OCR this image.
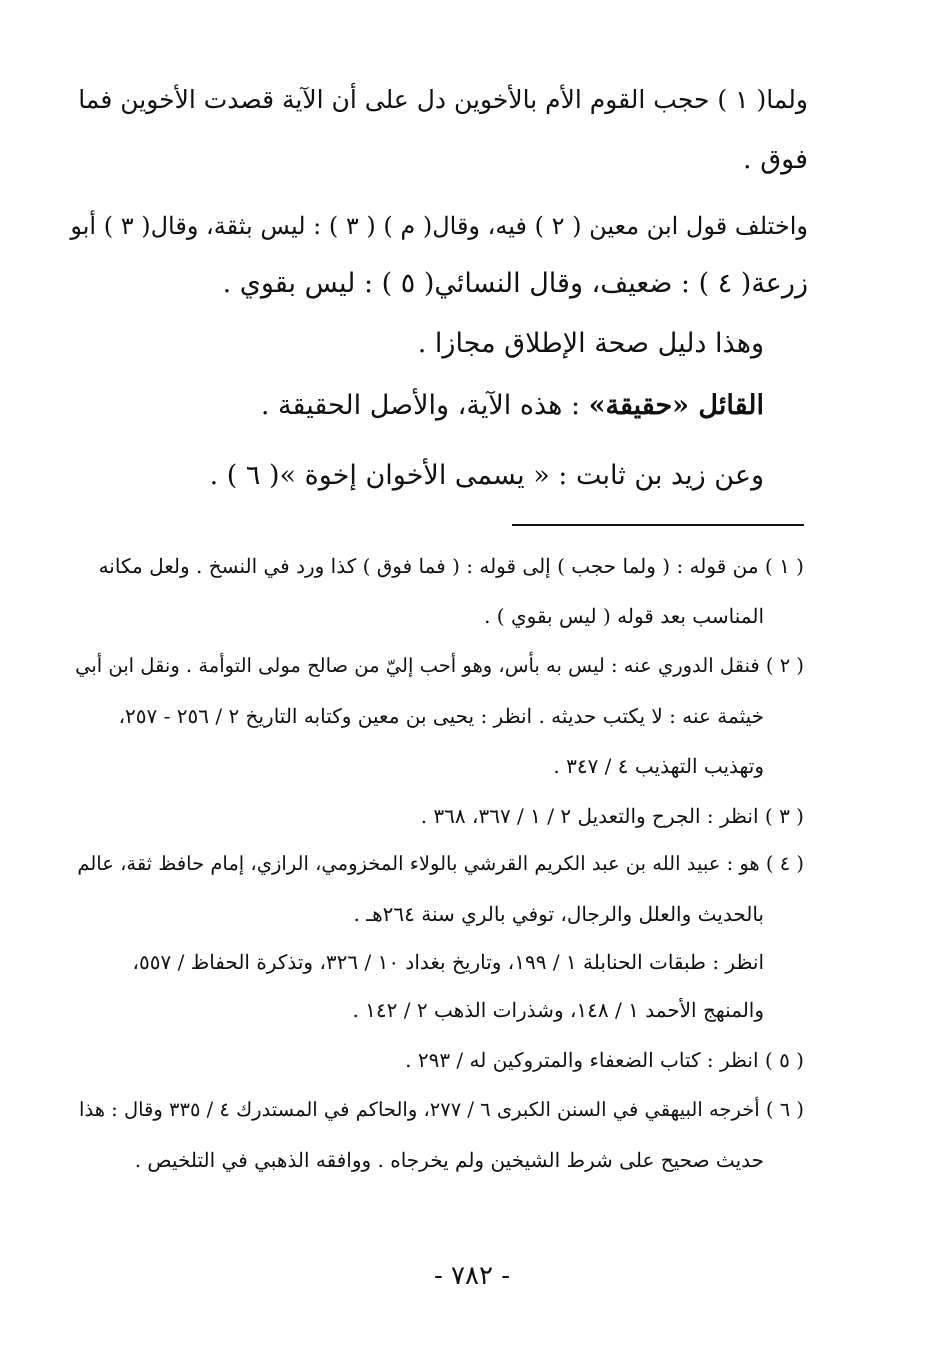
ولما( ١ ) حجب القوم الأم بالأخوين دل على أن الآية قصدت الأخوين فما
فوق .
واختلف قول ابن معين ( ٢ ) فيه، وقال( م ) ( ٣ ) : ليس بثقة، وقال( ٣ ) أبو
زرعة( ٤ ) : ضعيف، وقال النسائي( ٥ ) : ليس بقوي .
وهذا دليل صحة الإطلاق مجازا .
القائل «حقيقة» : هذه الآية، والأصل الحقيقة .
وعن زيد بن ثابت : « يسمى الأخوان إخوة »( ٦ ) .
( ١ ) من قوله : ( ولما حجب ) إلى قوله : ( فما فوق ) كذا ورد في النسخ . ولعل مكانه
المناسب بعد قوله ( ليس بقوي ) .
( ٢ ) فنقل الدوري عنه : ليس به بأس، وهو أحب إليّ من صالح مولى التوأمة . ونقل ابن أبي
خيثمة عنه : لا يكتب حديثه . انظر : يحيى بن معين وكتابه التاريخ ٢ / ٢٥٦ - ٢٥٧،
وتهذيب التهذيب ٤ / ٣٤٧ .
( ٣ ) انظر : الجرح والتعديل ٢ / ١ / ٣٦٧، ٣٦٨ .
( ٤ ) هو : عبيد الله بن عبد الكريم القرشي بالولاء المخزومي، الرازي، إمام حافظ ثقة، عالم
بالحديث والعلل والرجال، توفي بالري سنة ٢٦٤هـ .
انظر : طبقات الحنابلة ١ / ١٩٩، وتاريخ بغداد ١٠ / ٣٢٦، وتذكرة الحفاظ / ٥٥٧،
والمنهج الأحمد ١ / ١٤٨، وشذرات الذهب ٢ / ١٤٢ .
( ٥ ) انظر : كتاب الضعفاء والمتروكين له / ٢٩٣ .
( ٦ ) أخرجه البيهقي في السنن الكبرى ٦ / ٢٧٧، والحاكم في المستدرك ٤ / ٣٣٥ وقال : هذا
حديث صحيح على شرط الشيخين ولم يخرجاه . ووافقه الذهبي في التلخيص .
- ٧٨٢ -
